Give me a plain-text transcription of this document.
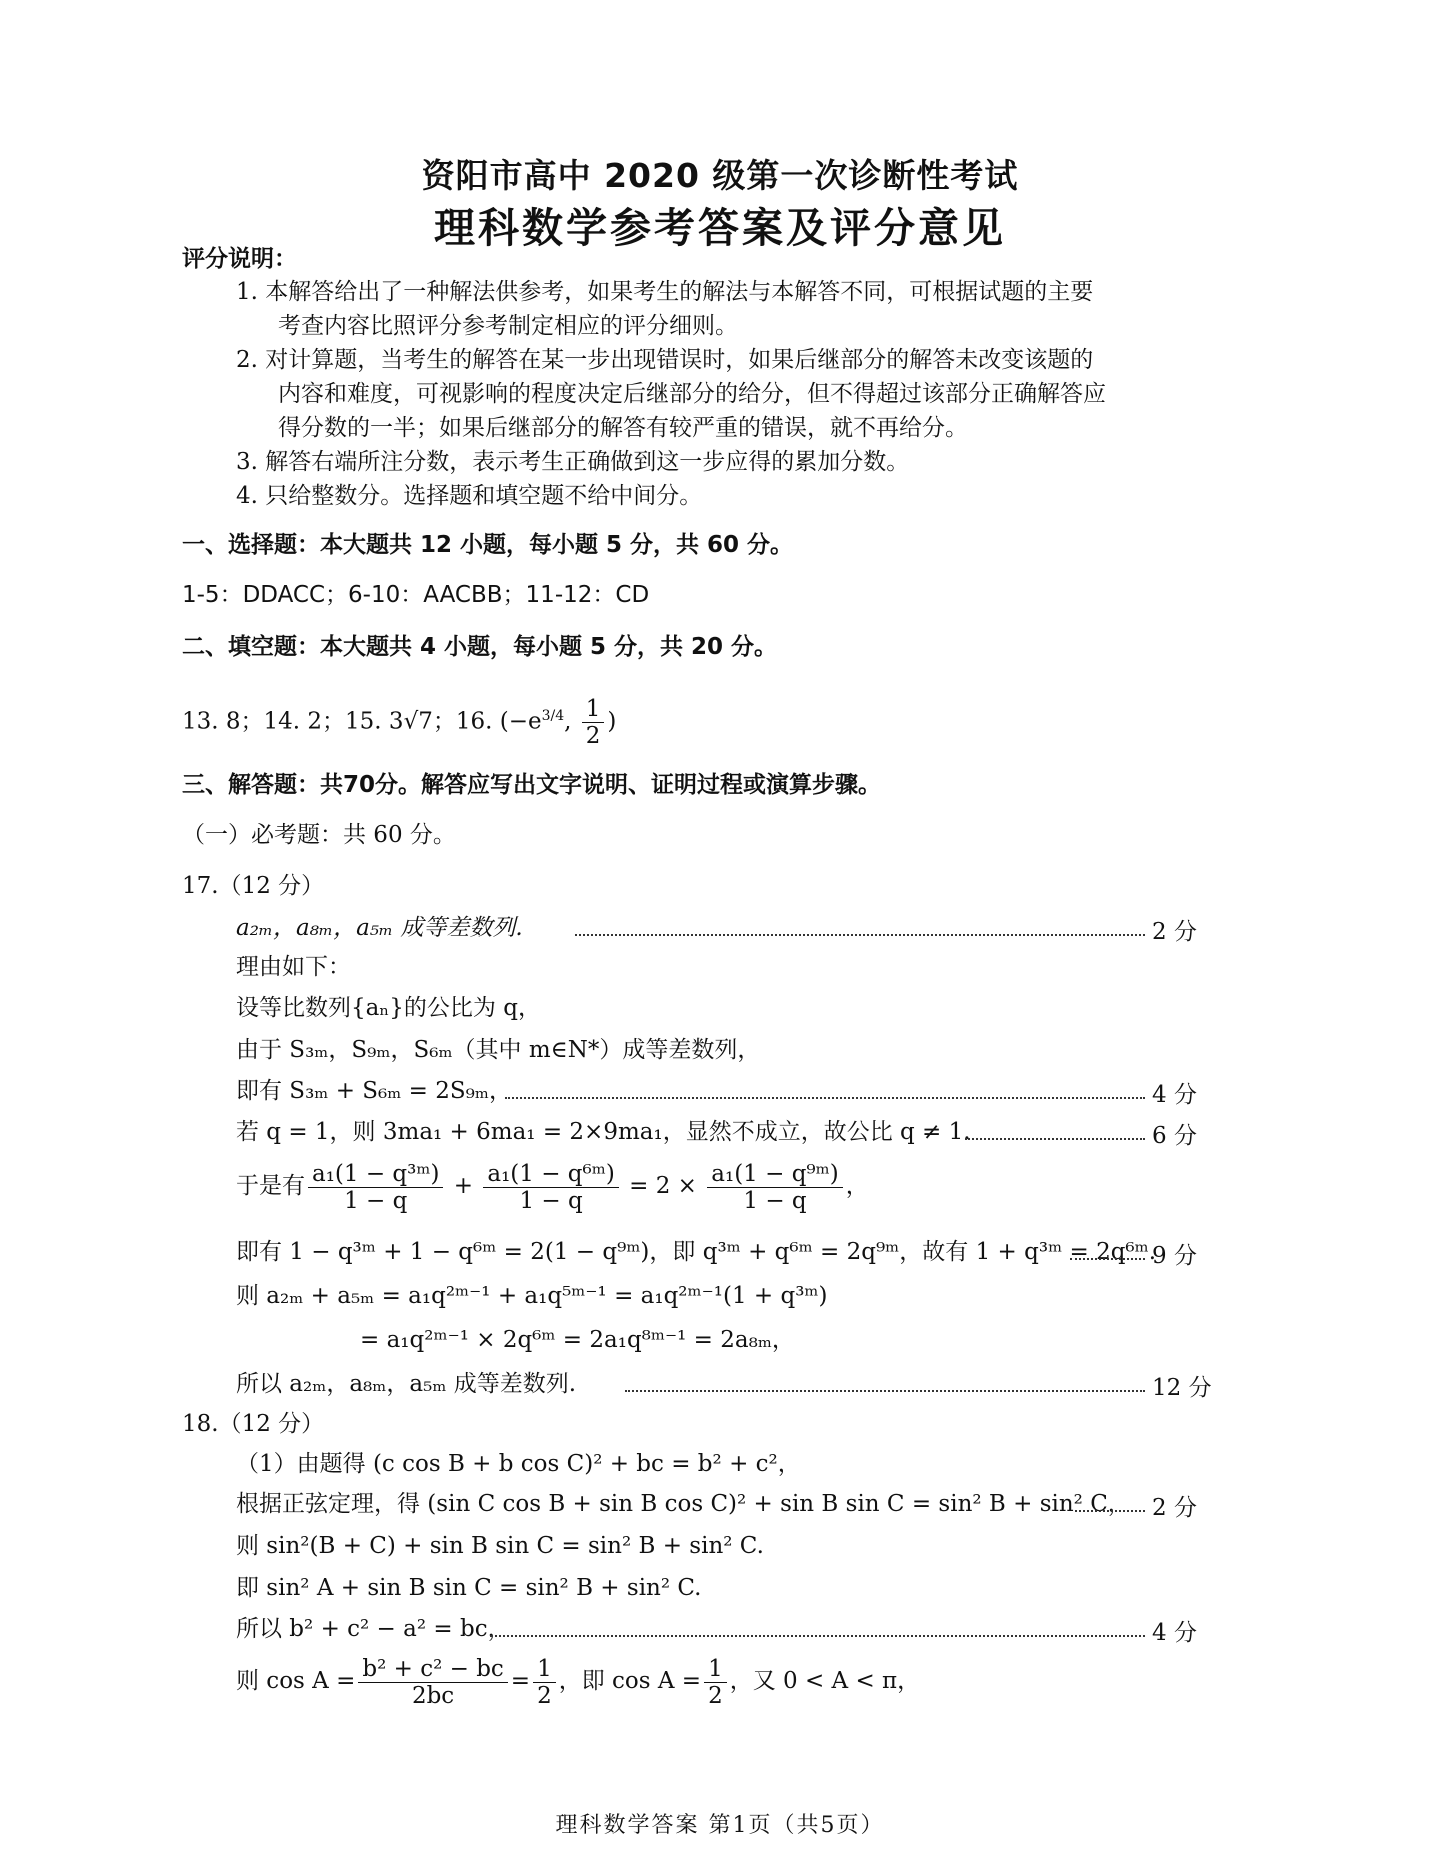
资阳市高中 2020 级第一次诊断性考试
理科数学参考答案及评分意见
评分说明：
1. 本解答给出了一种解法供参考，如果考生的解法与本解答不同，可根据试题的主要
考查内容比照评分参考制定相应的评分细则。
2. 对计算题，当考生的解答在某一步出现错误时，如果后继部分的解答未改变该题的
内容和难度，可视影响的程度决定后继部分的给分，但不得超过该部分正确解答应
得分数的一半；如果后继部分的解答有较严重的错误，就不再给分。
3. 解答右端所注分数，表示考生正确做到这一步应得的累加分数。
4. 只给整数分。选择题和填空题不给中间分。
一、选择题：本大题共 12 小题，每小题 5 分，共 60 分。
1-5：DDACC；6-10：AACBB；11-12：CD
二、填空题：本大题共 4 小题，每小题 5 分，共 20 分。
13. 8；14. 2；15. 3√7；16. ($-e^{3/4}$, $\frac{1}{2}$ )
三、解答题：共70分。解答应写出文字说明、证明过程或演算步骤。
（一）必考题：共 60 分。
17.（12 分）
a₂ₘ，a₈ₘ，a₅ₘ 成等差数列.	2 分
理由如下：
设等比数列{aₙ}的公比为 q，
由于 S₃ₘ，S₉ₘ，S₆ₘ（其中 m∈N*）成等差数列，
即有 S₃ₘ + S₆ₘ = 2S₉ₘ，	4 分
若 q = 1，则 3ma₁ + 6ma₁ = 2×9ma₁，显然不成立，故公比 q ≠ 1.	6 分
于是有 $\frac{\text{a₁(1 − q³ᵐ)}}{1 - q} + \frac{\text{a₁(1 − q⁶ᵐ)}}{1 - q} = 2 \times \frac{\text{a₁(1 − q⁹ᵐ)}}{1 - q}$ ，
即有 1 − q³ᵐ + 1 − q⁶ᵐ = 2(1 − q⁹ᵐ)，即 q³ᵐ + q⁶ᵐ = 2q⁹ᵐ，故有 1 + q³ᵐ = 2q⁶ᵐ.
9 分
则 a₂ₘ + a₅ₘ = a₁q²ᵐ⁻¹ + a₁q⁵ᵐ⁻¹ = a₁q²ᵐ⁻¹(1 + q³ᵐ)
= a₁q²ᵐ⁻¹ × 2q⁶ᵐ = 2a₁q⁸ᵐ⁻¹ = 2a₈ₘ，
所以 a₂ₘ，a₈ₘ，a₅ₘ 成等差数列.	12 分
18.（12 分）
（1）由题得 (c cos B + b cos C)² + bc = b² + c²，
根据正弦定理，得 (sin C cos B + sin B cos C)² + sin B sin C = sin² B + sin² C， 2 分
则 sin²(B + C) + sin B sin C = sin² B + sin² C.
即 sin² A + sin B sin C = sin² B + sin² C.
所以 b² + c² − a² = bc，	4 分
则 $\cos A = \frac{\text{b² + c² − bc}}{2bc} = \frac{1}{2}$ ，即 $\cos A = \frac{1}{2}$ ，又 0 < A < π，
理科数学答案 第1页（共5页）
